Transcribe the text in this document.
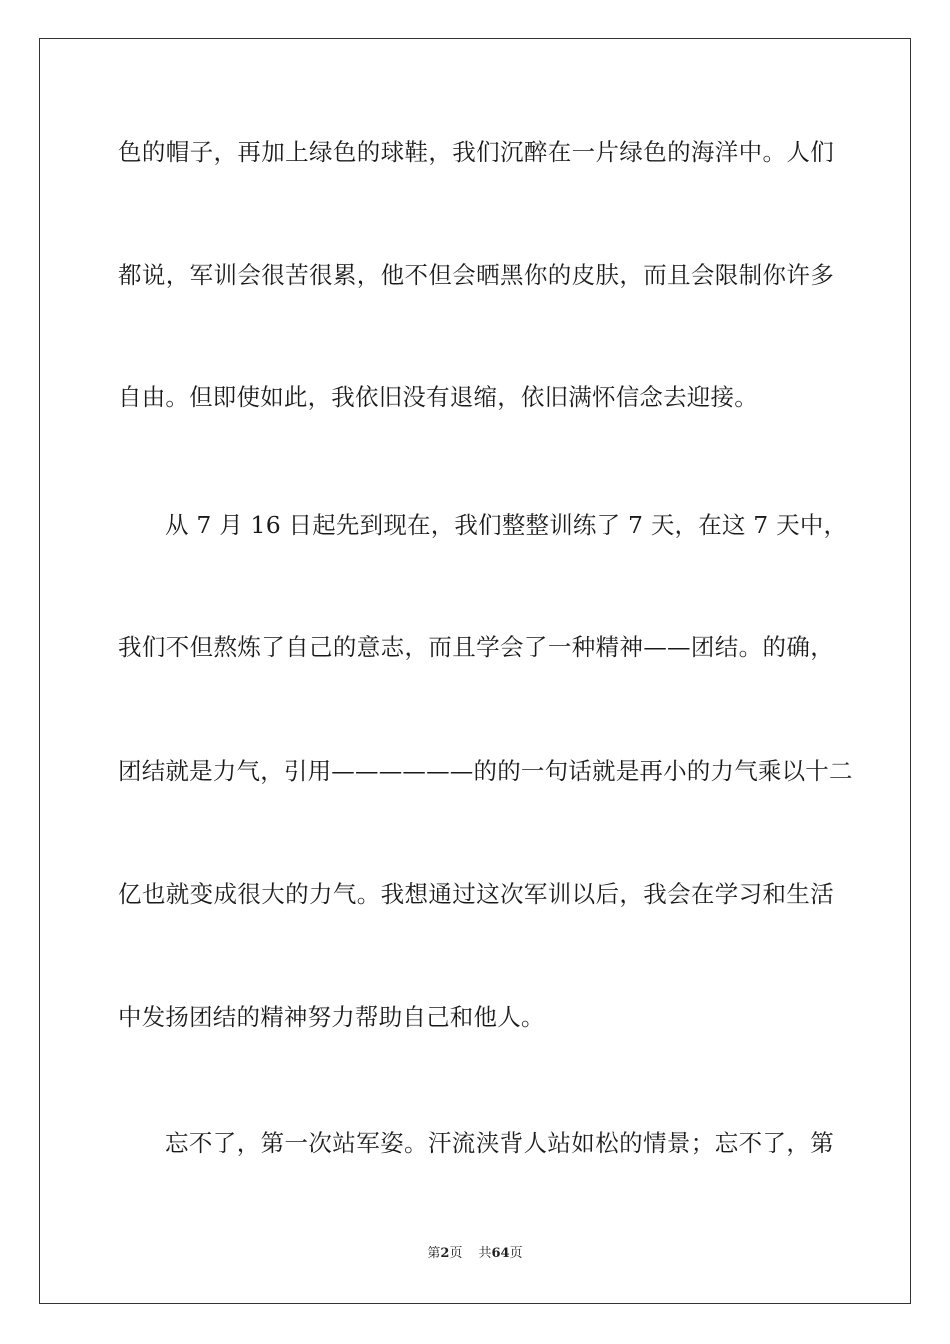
色的帽子，再加上绿色的球鞋，我们沉醉在一片绿色的海洋中。人们
都说，军训会很苦很累，他不但会晒黑你的皮肤，而且会限制你许多
自由。但即使如此，我依旧没有退缩，依旧满怀信念去迎接。
从 7 月 16 日起先到现在，我们整整训练了 7 天，在这 7 天中，
我们不但熬炼了自己的意志，而且学会了一种精神——团结。的确，
团结就是力气，引用——————的的一句话就是再小的力气乘以十二
亿也就变成很大的力气。我想通过这次军训以后，我会在学习和生活
中发扬团结的精神努力帮助自己和他人。
忘不了，第一次站军姿。汗流浃背人站如松的情景；忘不了，第
第2页 共64页
